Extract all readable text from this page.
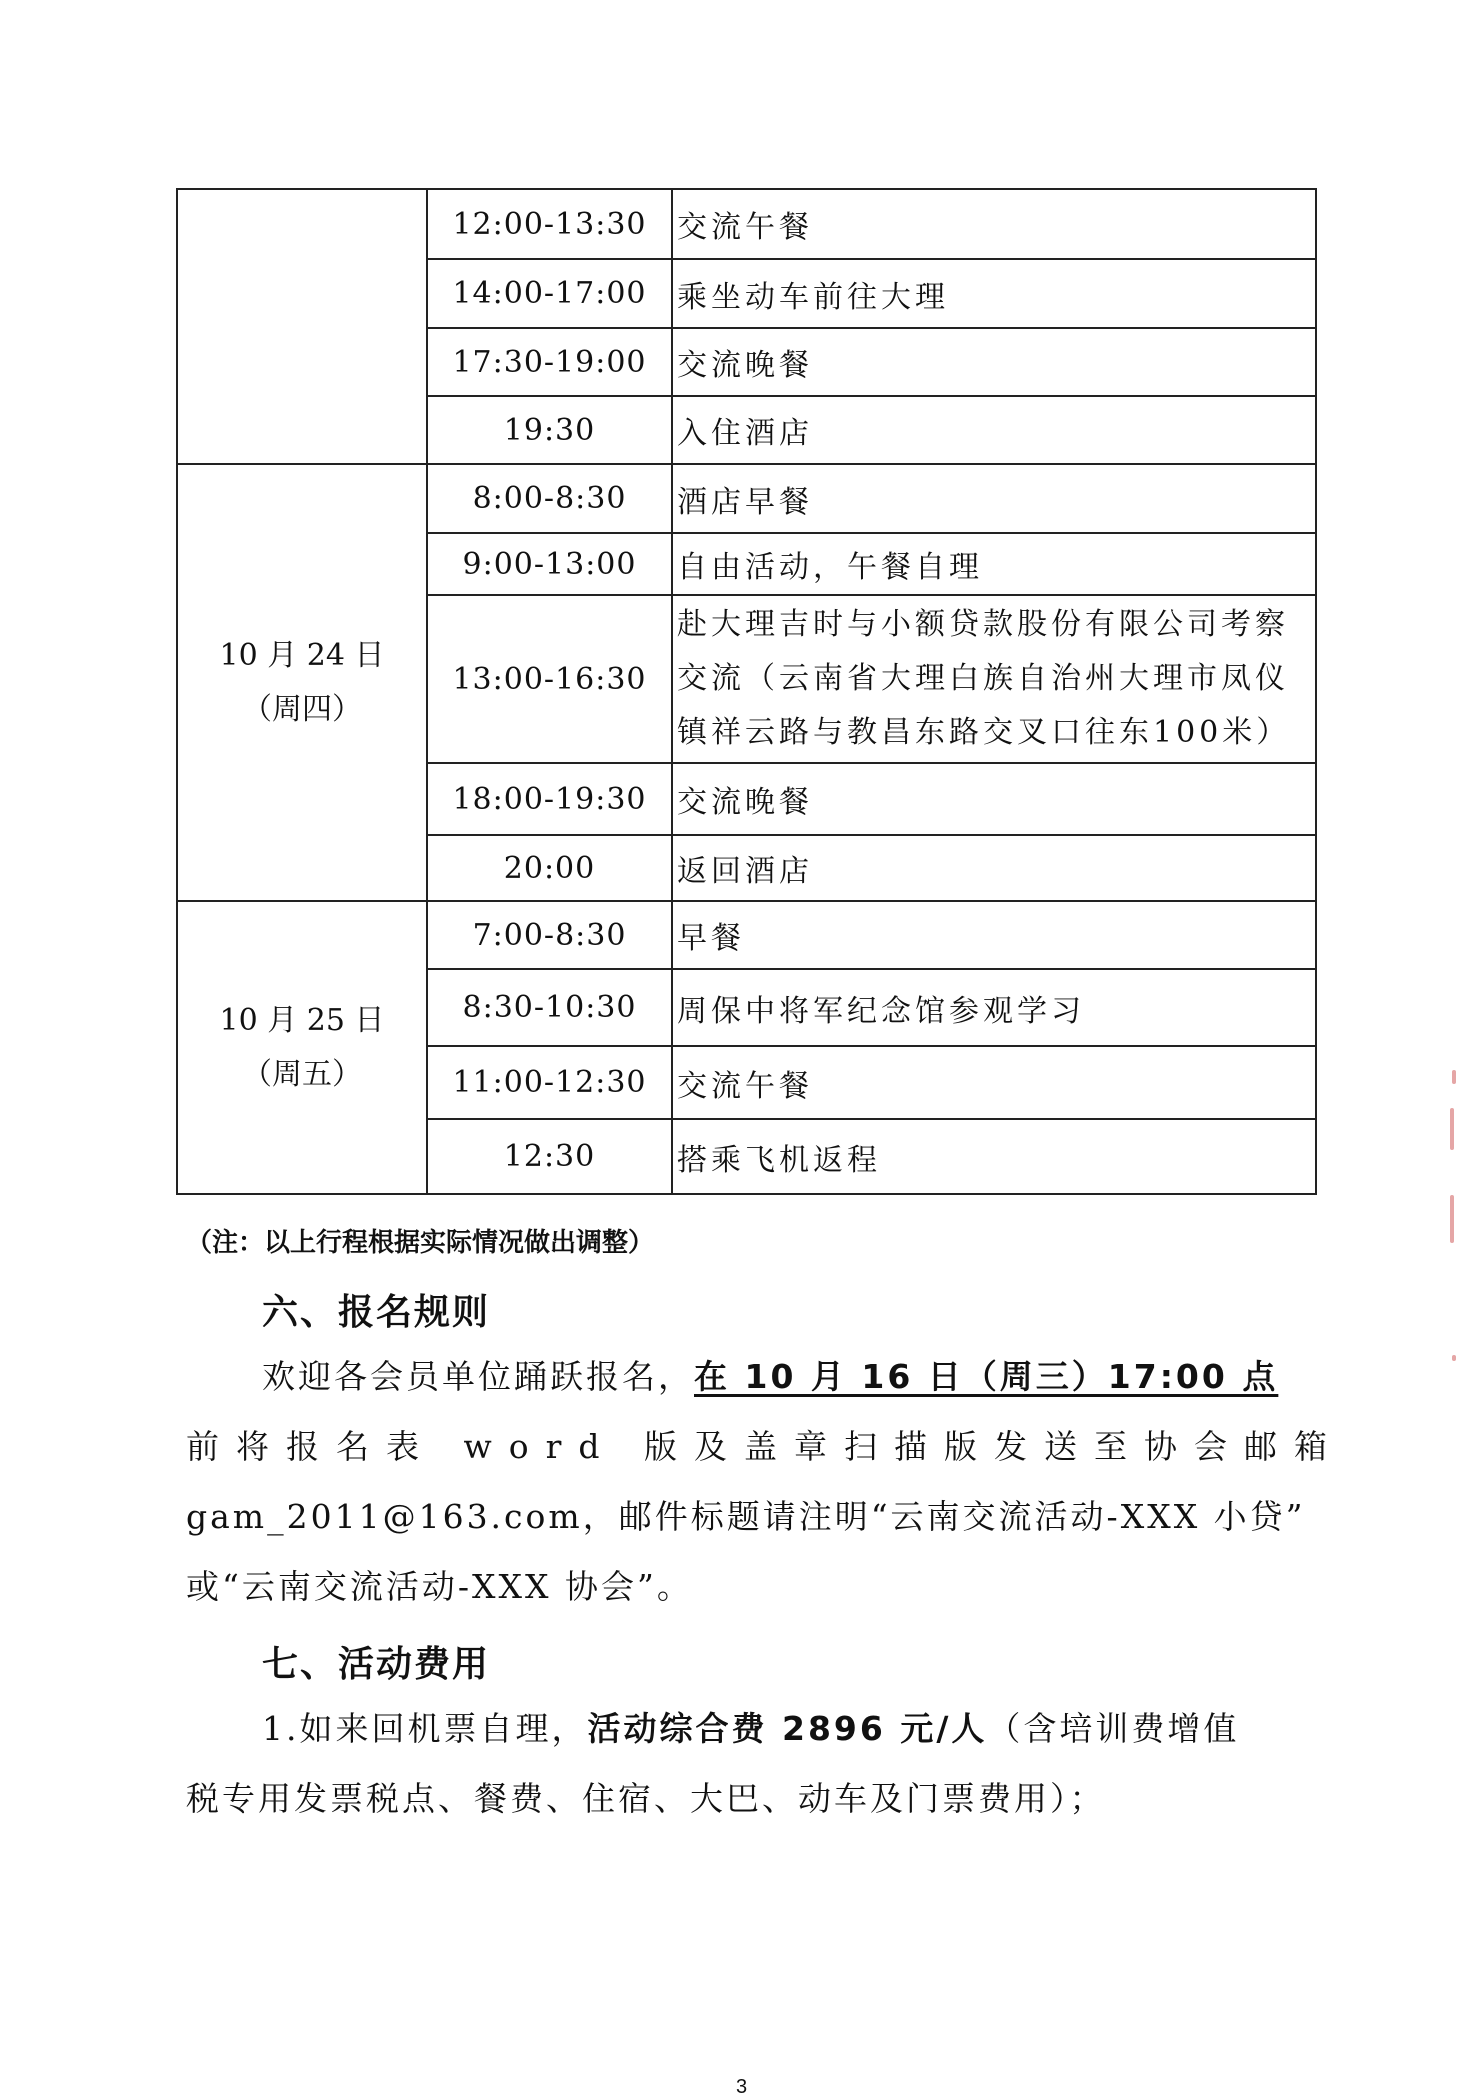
	12:00-13:30	交流午餐
	14:00-17:00	乘坐动车前往大理
	17:30-19:00	交流晚餐
	19:30	入住酒店

10 月 24 日
（周四）	8:00-8:30	酒店早餐
	9:00-13:00	自由活动，午餐自理
	13:00-16:30	赴大理吉时与小额贷款股份有限公司考察
交流（云南省大理白族自治州大理市凤仪
镇祥云路与教昌东路交叉口往东100米）

	18:00-19:30	交流晚餐
	20:00	返回酒店

10 月 25 日
（周五）	7:00-8:30	早餐
	8:30-10:30	周保中将军纪念馆参观学习
	11:00-12:30	交流午餐
	12:30	搭乘飞机返程
（注：以上行程根据实际情况做出调整）
六、报名规则
欢迎各会员单位踊跃报名，在 10 月 16 日（周三）17:00 点
前将报名表 word 版及盖章扫描版发送至协会邮箱
gam_2011@163.com，邮件标题请注明“云南交流活动-XXX 小贷”
或“云南交流活动-XXX 协会”。
七、活动费用
1.如来回机票自理，活动综合费 2896 元/人（含培训费增值
税专用发票税点、餐费、住宿、大巴、动车及门票费用）；
3
